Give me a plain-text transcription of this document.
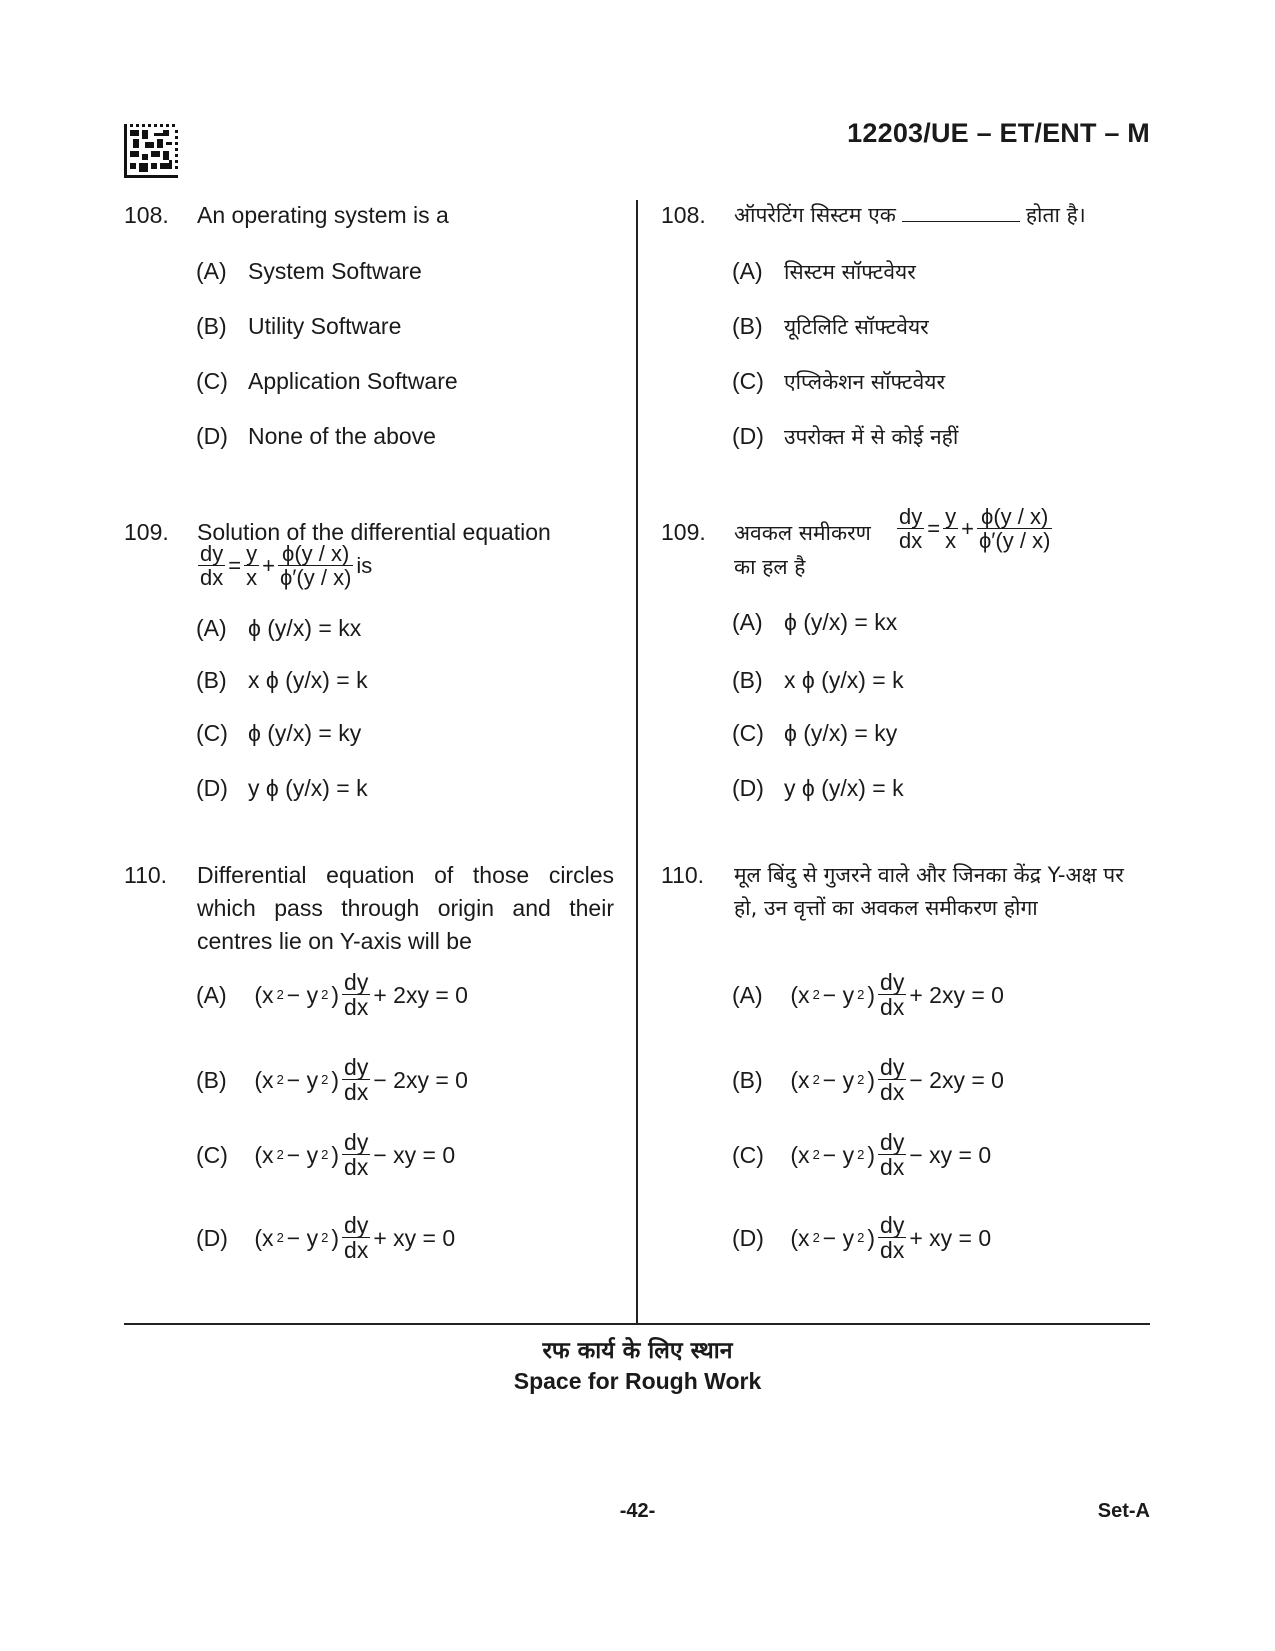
12203/UE – ET/ENT – M
108. An operating system is a
(A) System Software
(B) Utility Software
(C) Application Software
(D) None of the above
109. Solution of the differential equation
$\frac{dy}{dx} = \frac{y}{x} + \frac{\phi(y / x)}{\phi'(y / x)}$ is
(A) ϕ (y/x) = kx
(B) x ϕ (y/x) = k
(C) ϕ (y/x) = ky
(D) y ϕ (y/x) = k
110. Differential equation of those circles which pass through origin and their centres lie on Y-axis will be
(A) (x 2 − y 2 ) $\frac{dy}{dx} + 2xy = 0$
(B) (x 2 − y 2 ) $\frac{dy}{dx} - 2xy = 0$
(C) (x 2 − y 2 ) $\frac{dy}{dx}$ − xy = 0
(D) (x 2 − y 2 ) $\frac{dy}{dx}$ + xy = 0
108. ऑपरेटिंग सिस्टम एक	होता है।
(A) सिस्टम सॉफ्टवेयर
(B) यूटिलिटि सॉफ्टवेयर
(C) एप्लिकेशन सॉफ्टवेयर
(D) उपरोक्त में से कोई नहीं
109. अवकल समीकरण
का हल है
$\frac{dy}{dx} = \frac{y}{x} + \frac{\phi(y / x)}{\phi'(y / x)}$
(A) ϕ (y/x) = kx
(B) x ϕ (y/x) = k
(C) ϕ (y/x) = ky
(D) y ϕ (y/x) = k
110. मूल बिंदु से गुजरने वाले और जिनका केंद्र Y-अक्ष पर हो, उन वृत्तों का अवकल समीकरण होगा
(A) (x 2 − y 2 ) $\frac{dy}{dx} + 2xy = 0$
(B) (x 2 − y 2 ) $\frac{dy}{dx} - 2xy = 0$
(C) (x 2 − y 2 ) $\frac{dy}{dx}$ − xy = 0
(D) (x 2 − y 2 ) $\frac{dy}{dx}$ + xy = 0
रफ कार्य के लिए स्थान
Space for Rough Work
-42-	Set-A
